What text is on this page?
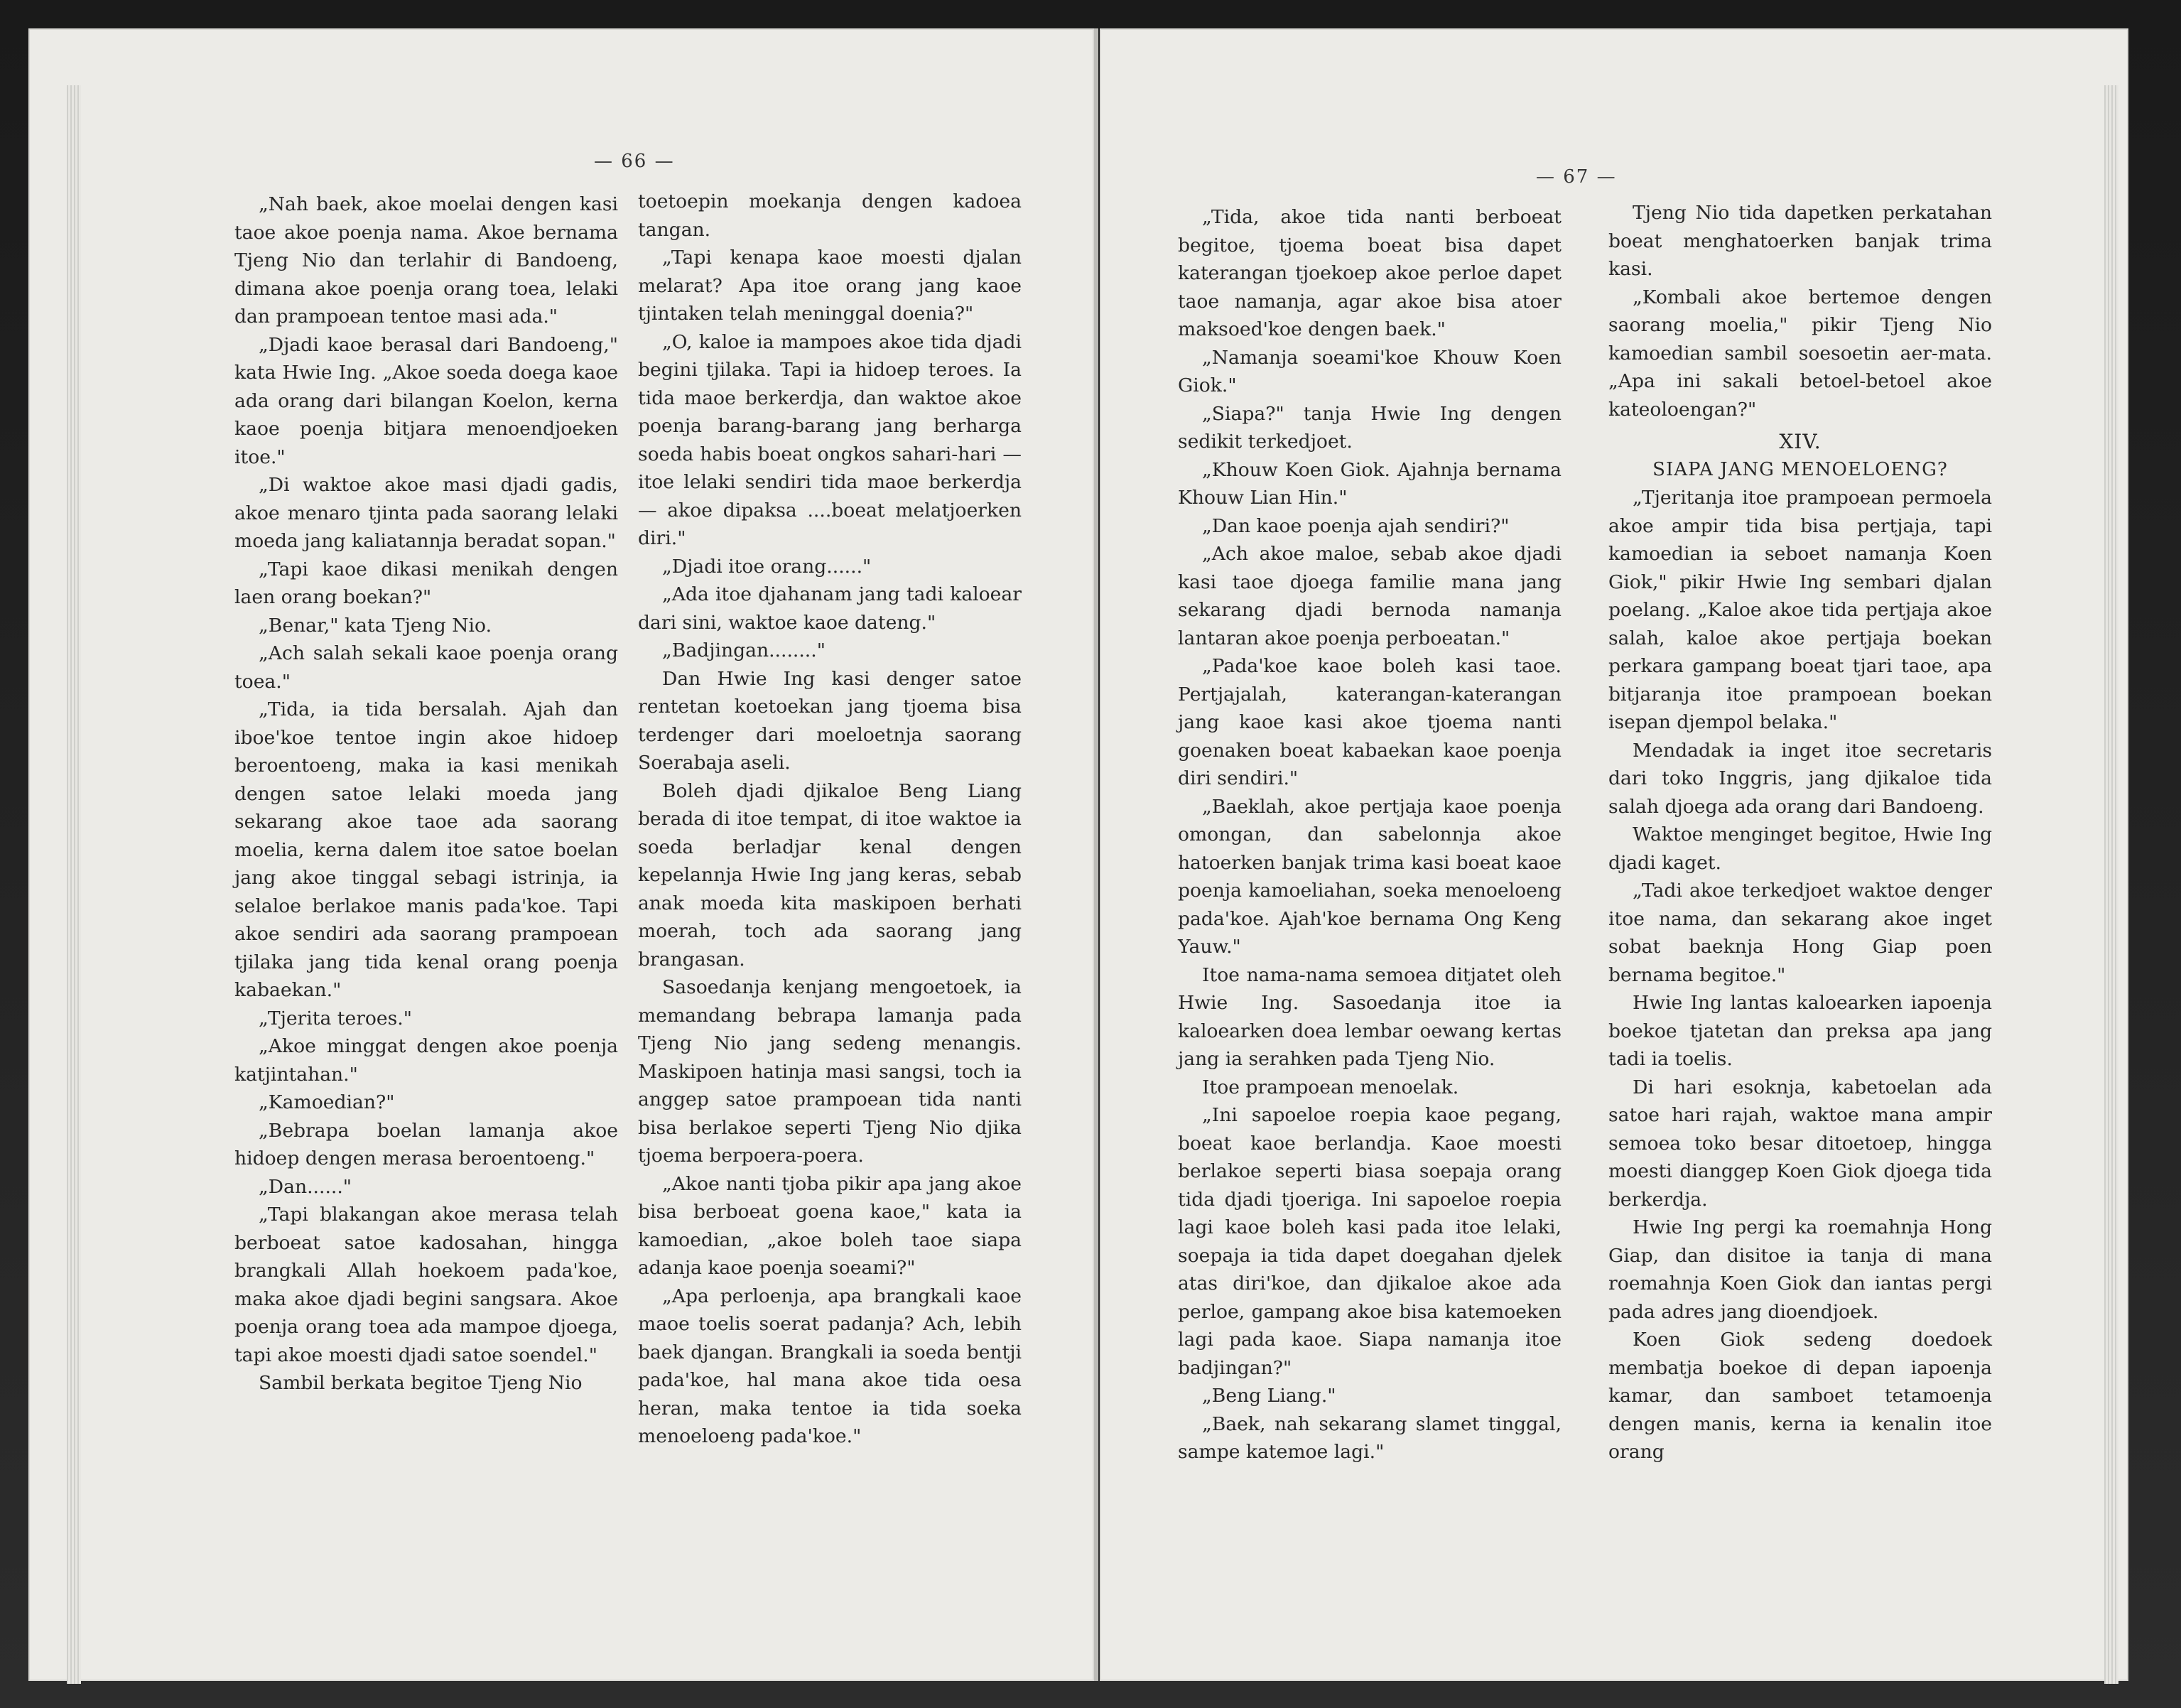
— 66 —

„Nah baek, akoe moelai dengen kasi taoe akoe poenja nama. Akoe bernama Tjeng Nio dan terlahir di Bandoeng, dimana akoe poenja orang toea, lelaki dan prampoean tentoe masi ada."

„Djadi kaoe berasal dari Bandoeng," kata Hwie Ing. „Akoe soeda doega kaoe ada orang dari bilangan Koelon, kerna kaoe poenja bitjara menoendjoeken itoe."

„Di waktoe akoe masi djadi gadis, akoe menaro tjinta pada saorang lelaki moeda jang kaliatannja beradat sopan."

„Tapi kaoe dikasi menikah dengen laen orang boekan?"

„Benar," kata Tjeng Nio.

„Ach salah sekali kaoe poenja orang toea."

„Tida, ia tida bersalah. Ajah dan iboe'koe tentoe ingin akoe hidoep beroentoeng, maka ia kasi menikah dengen satoe lelaki moeda jang sekarang akoe taoe ada saorang moelia, kerna dalem itoe satoe boelan jang akoe tinggal sebagi istrinja, ia selaloe berlakoe manis pada'koe. Tapi akoe sendiri ada saorang prampoean tjilaka jang tida kenal orang poenja kabaekan."

„Tjerita teroes."

„Akoe minggat dengen akoe poenja katjintahan."

„Kamoedian?"

„Bebrapa boelan lamanja akoe hidoep dengen merasa beroentoeng."

„Dan......"

„Tapi blakangan akoe merasa telah berboeat satoe kadosahan, hingga brangkali Allah hoekoem pada'koe, maka akoe djadi begini sangsara. Akoe poenja orang toea ada mampoe djoega, tapi akoe moesti djadi satoe soendel."

Sambil berkata begitoe Tjeng Nio

toetoepin moekanja dengen kadoea tangan.

„Tapi kenapa kaoe moesti djalan melarat? Apa itoe orang jang kaoe tjintaken telah meninggal doenia?"

„O, kaloe ia mampoes akoe tida djadi begini tjilaka. Tapi ia hidoep teroes. Ia tida maoe berkerdja, dan waktoe akoe poenja barang-barang jang berharga soeda habis boeat ongkos sahari-hari — itoe lelaki sendiri tida maoe berkerdja — akoe dipaksa ....boeat melatjoerken diri."

„Djadi itoe orang......"

„Ada itoe djahanam jang tadi kaloear dari sini, waktoe kaoe dateng."

„Badjingan........"

Dan Hwie Ing kasi denger satoe rentetan koetoekan jang tjoema bisa terdenger dari moeloetnja saorang Soerabaja aseli.

Boleh djadi djikaloe Beng Liang berada di itoe tempat, di itoe waktoe ia soeda berladjar kenal dengen kepelannja Hwie Ing jang keras, sebab anak moeda kita maskipoen berhati moerah, toch ada saorang jang brangasan.

Sasoedanja kenjang mengoetoek, ia memandang bebrapa lamanja pada Tjeng Nio jang sedeng menangis. Maskipoen hatinja masi sangsi, toch ia anggep satoe prampoean tida nanti bisa berlakoe seperti Tjeng Nio djika tjoema berpoera-poera.

„Akoe nanti tjoba pikir apa jang akoe bisa berboeat goena kaoe," kata ia kamoedian, „akoe boleh taoe siapa adanja kaoe poenja soeami?"

„Apa perloenja, apa brangkali kaoe maoe toelis soerat padanja? Ach, lebih baek djangan. Brangkali ia soeda bentji pada'koe, hal mana akoe tida oesa heran, maka tentoe ia tida soeka menoeloeng pada'koe."

— 67 —

„Tida, akoe tida nanti berboeat begitoe, tjoema boeat bisa dapet katerangan tjoekoep akoe perloe dapet taoe namanja, agar akoe bisa atoer maksoed'koe dengen baek."

„Namanja soeami'koe Khouw Koen Giok."

„Siapa?" tanja Hwie Ing dengen sedikit terkedjoet.

„Khouw Koen Giok. Ajahnja bernama Khouw Lian Hin."

„Dan kaoe poenja ajah sendiri?"

„Ach akoe maloe, sebab akoe djadi kasi taoe djoega familie mana jang sekarang djadi bernoda namanja lantaran akoe poenja perboeatan."

„Pada'koe kaoe boleh kasi taoe. Pertjajalah, katerangan-katerangan jang kaoe kasi akoe tjoema nanti goenaken boeat kabaekan kaoe poenja diri sendiri."

„Baeklah, akoe pertjaja kaoe poenja omongan, dan sabelonnja akoe hatoerken banjak trima kasi boeat kaoe poenja kamoeliahan, soeka menoeloeng pada'koe. Ajah'koe bernama Ong Keng Yauw."

Itoe nama-nama semoea ditjatet oleh Hwie Ing. Sasoedanja itoe ia kaloearken doea lembar oewang kertas jang ia serahken pada Tjeng Nio.

Itoe prampoean menoelak.

„Ini sapoeloe roepia kaoe pegang, boeat kaoe berlandja. Kaoe moesti berlakoe seperti biasa soepaja orang tida djadi tjoeriga. Ini sapoeloe roepia lagi kaoe boleh kasi pada itoe lelaki, soepaja ia tida dapet doegahan djelek atas diri'koe, dan djikaloe akoe ada perloe, gampang akoe bisa katemoeken lagi pada kaoe. Siapa namanja itoe badjingan?"

„Beng Liang."

„Baek, nah sekarang slamet tinggal, sampe katemoe lagi."

Tjeng Nio tida dapetken perkatahan boeat menghatoerken banjak trima kasi.

„Kombali akoe bertemoe dengen saorang moelia," pikir Tjeng Nio kamoedian sambil soesoetin aer-mata. „Apa ini sakali betoel-betoel akoe kateoloengan?"

XIV.

SIAPA JANG MENOELOENG?

„Tjeritanja itoe prampoean permoela akoe ampir tida bisa pertjaja, tapi kamoedian ia seboet namanja Koen Giok," pikir Hwie Ing sembari djalan poelang. „Kaloe akoe tida pertjaja akoe salah, kaloe akoe pertjaja boekan perkara gampang boeat tjari taoe, apa bitjaranja itoe prampoean boekan isepan djempol belaka."

Mendadak ia inget itoe secretaris dari toko Inggris, jang djikaloe tida salah djoega ada orang dari Bandoeng.

Waktoe menginget begitoe, Hwie Ing djadi kaget.

„Tadi akoe terkedjoet waktoe denger itoe nama, dan sekarang akoe inget sobat baeknja Hong Giap poen bernama begitoe."

Hwie Ing lantas kaloearken iapoenja boekoe tjatetan dan preksa apa jang tadi ia toelis.

Di hari esoknja, kabetoelan ada satoe hari rajah, waktoe mana ampir semoea toko besar ditoetoep, hingga moesti dianggep Koen Giok djoega tida berkerdja.

Hwie Ing pergi ka roemahnja Hong Giap, dan disitoe ia tanja di mana roemahnja Koen Giok dan iantas pergi pada adres jang dioendjoek.

Koen Giok sedeng doedoek membatja boekoe di depan iapoenja kamar, dan samboet tetamoenja dengen manis, kerna ia kenalin itoe orang
